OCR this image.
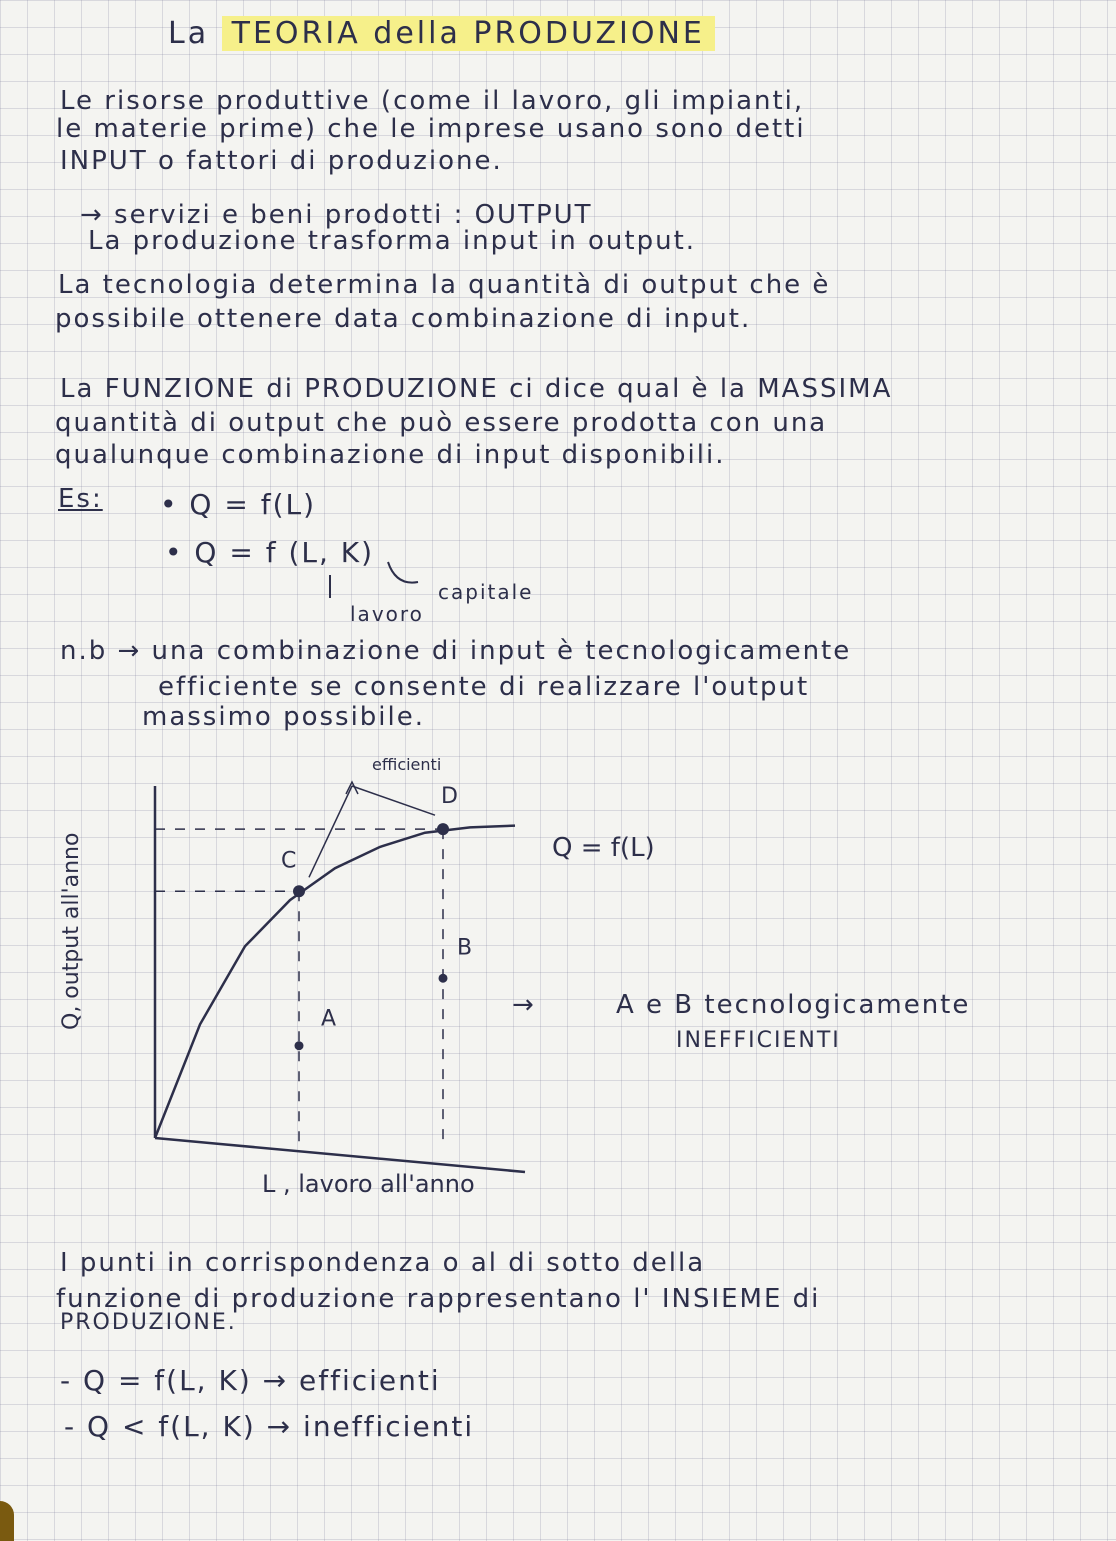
La TEORIA della PRODUZIONE
Le risorse produttive (come il lavoro, gli impianti,
le materie prime) che le imprese usano sono detti
INPUT o fattori di produzione.
→ servizi e beni prodotti : OUTPUT
La produzione trasforma input in output.
La tecnologia determina la quantità di output che è
possibile ottenere data combinazione di input.
La FUNZIONE di PRODUZIONE ci dice qual è la MASSIMA
quantità di output che può essere prodotta con una
qualunque combinazione di input disponibili.
Es: • Q = f(L)
• Q = f (L, K)
capitale
lavoro
n.b → una combinazione di input è tecnologicamente
efficiente se consente di realizzare l'output
massimo possibile.
A
B
C
D
efficienti
Q = f(L)
L , lavoro all'anno
Q, output all'anno	→	A e B tecnologicamente
INEFFICIENTI
I punti in corrispondenza o al di sotto della
funzione di produzione rappresentano l' INSIEME di
PRODUZIONE.
- Q = f(L, K) → efficienti
- Q < f(L, K) → inefficienti
